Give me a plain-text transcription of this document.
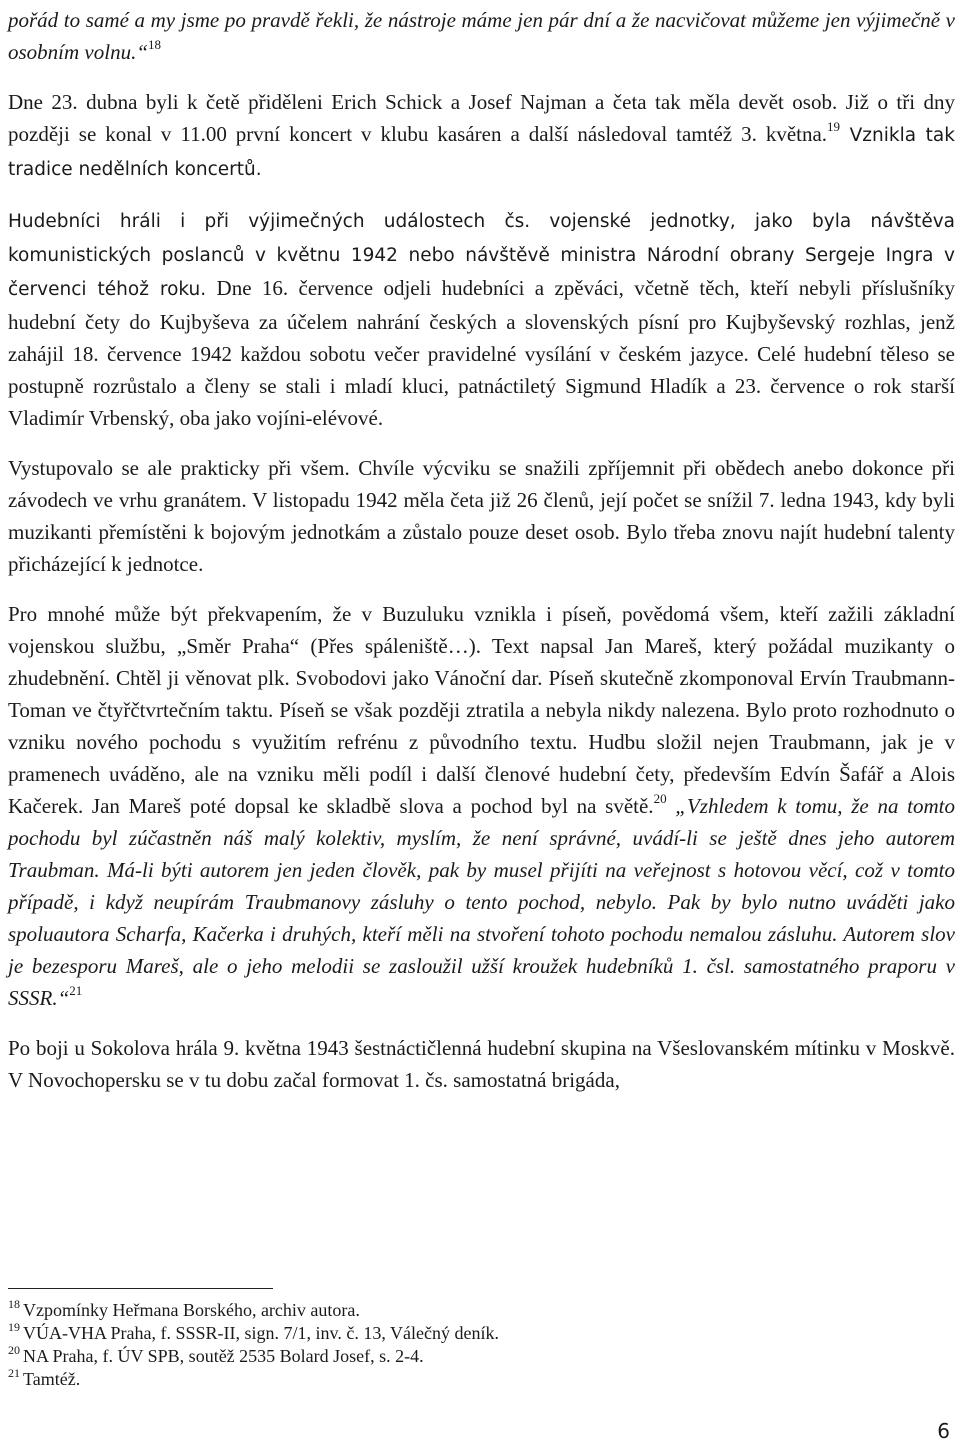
pořád to samé a my jsme po pravdě řekli, že nástroje máme jen pár dní a že nacvičovat můžeme jen výjimečně v osobním volnu.“$^{18}$

Dne 23. dubna byli k četě přiděleni Erich Schick a Josef Najman a četa tak měla devět osob. Již o tři dny později se konal v 11.00 první koncert v klubu kasáren a další následoval tamtéž 3. května.$^{19}$ Vznikla tak tradice nedělních koncertů.

Hudebníci hráli i při výjimečných událostech čs. vojenské jednotky, jako byla návštěva komunistických poslanců v květnu 1942 nebo návštěvě ministra Národní obrany Sergeje Ingra v červenci téhož roku. Dne 16. července odjeli hudebníci a zpěváci, včetně těch, kteří nebyli příslušníky hudební čety do Kujbyševa za účelem nahrání českých a slovenských písní pro Kujbyševský rozhlas, jenž zahájil 18. července 1942 každou sobotu večer pravidelné vysílání v českém jazyce. Celé hudební těleso se postupně rozrůstalo a členy se stali i mladí kluci, patnáctiletý Sigmund Hladík a 23. července o rok starší Vladimír Vrbenský, oba jako vojíni-elévové.

Vystupovalo se ale prakticky při všem. Chvíle výcviku se snažili zpříjemnit při obědech anebo dokonce při závodech ve vrhu granátem. V listopadu 1942 měla četa již 26 členů, její počet se snížil 7. ledna 1943, kdy byli muzikanti přemístěni k bojovým jednotkám a zůstalo pouze deset osob. Bylo třeba znovu najít hudební talenty přicházející k jednotce.

Pro mnohé může být překvapením, že v Buzuluku vznikla i píseň, povědomá všem, kteří zažili základní vojenskou službu, „Směr Praha“ (Přes spáleniště…). Text napsal Jan Mareš, který požádal muzikanty o zhudebnění. Chtěl ji věnovat plk. Svobodovi jako Vánoční dar. Píseň skutečně zkomponoval Ervín Traubmann-Toman ve čtyřčtvrtečním taktu. Píseň se však později ztratila a nebyla nikdy nalezena. Bylo proto rozhodnuto o vzniku nového pochodu s využitím refrénu z původního textu. Hudbu složil nejen Traubmann, jak je v pramenech uváděno, ale na vzniku měli podíl i další členové hudební čety, především Edvín Šafář a Alois Kačerek. Jan Mareš poté dopsal ke skladbě slova a pochod byl na světě.$^{20}$ „Vzhledem k tomu, že na tomto pochodu byl zúčastněn náš malý kolektiv, myslím, že není správné, uvádí-li se ještě dnes jeho autorem Traubman. Má-li býti autorem jen jeden člověk, pak by musel přijíti na veřejnost s hotovou věcí, což v tomto případě, i když neupírám Traubmanovy zásluhy o tento pochod, nebylo. Pak by bylo nutno uváděti jako spoluautora Scharfa, Kačerka i druhých, kteří měli na stvoření tohoto pochodu nemalou zásluhu. Autorem slov je bezesporu Mareš, ale o jeho melodii se zasloužil užší kroužek hudebníků 1. čsl. samostatného praporu v SSSR.“$^{21}$

Po boji u Sokolova hrála 9. května 1943 šestnáctičlenná hudební skupina na Všeslovanském mítinku v Moskvě. V Novochopersku se v tu dobu začal formovat 1. čs. samostatná brigáda,

$^{18}$ Vzpomínky Heřmana Borského, archiv autora.

$^{19}$ VÚA-VHA Praha, f. SSSR-II, sign. 7/1, inv. č. 13, Válečný deník.

$^{20}$ NA Praha, f. ÚV SPB, soutěž 2535 Bolard Josef, s. 2-4.

$^{21}$ Tamtéž.

6
